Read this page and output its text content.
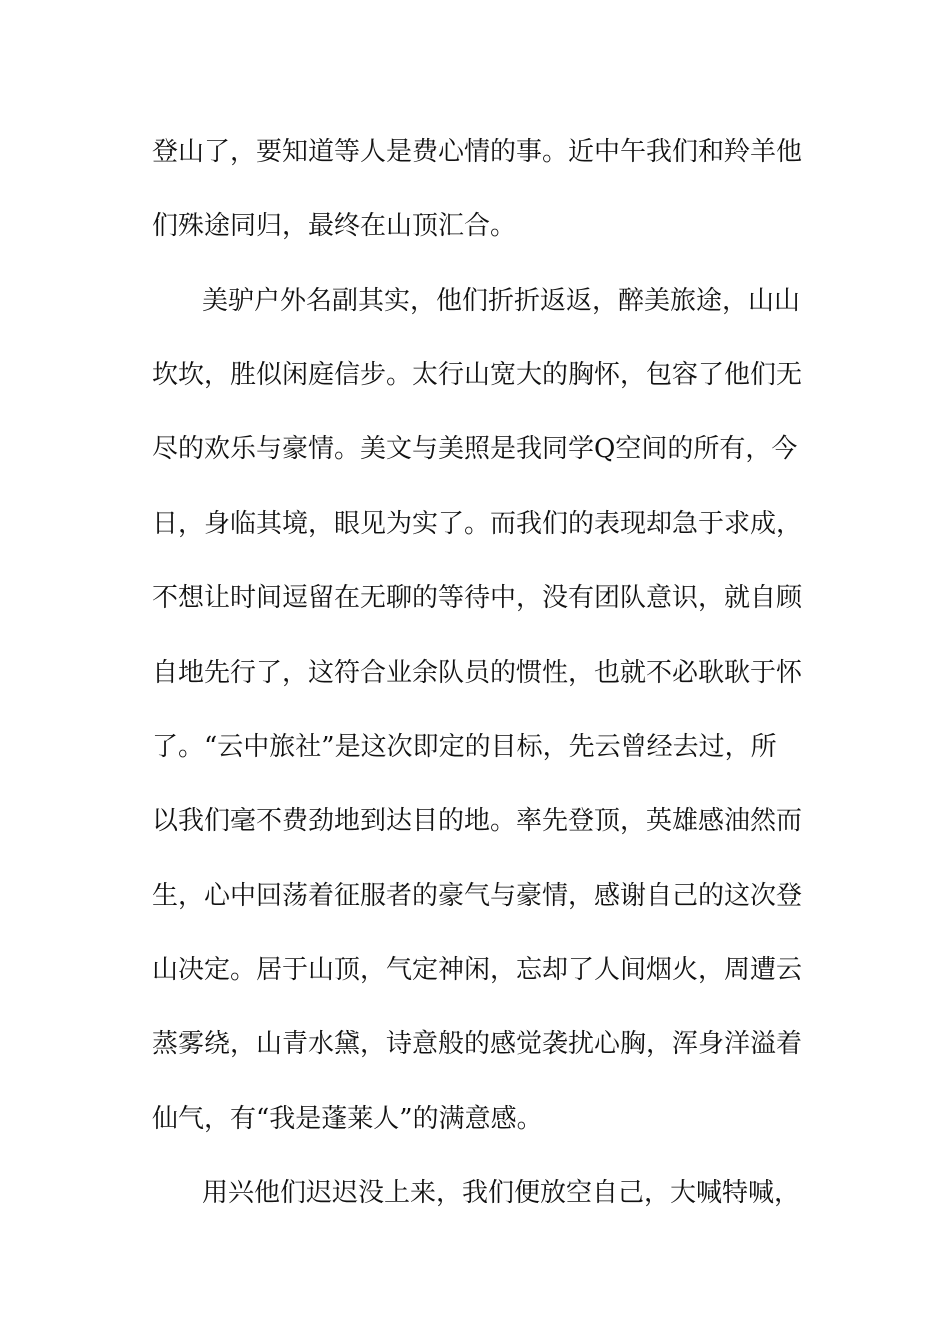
登山了，要知道等人是费心情的事。近中午我们和羚羊他
们殊途同归，最终在山顶汇合。
美驴户外名副其实，他们折折返返，醉美旅途，山山
坎坎，胜似闲庭信步。太行山宽大的胸怀，包容了他们无
尽的欢乐与豪情。美文与美照是我同学Q空间的所有，今
日，身临其境，眼见为实了。而我们的表现却急于求成，
不想让时间逗留在无聊的等待中，没有团队意识，就自顾
自地先行了，这符合业余队员的惯性，也就不必耿耿于怀
了。“云中旅社”是这次即定的目标，先云曾经去过，所
以我们毫不费劲地到达目的地。率先登顶，英雄感油然而
生，心中回荡着征服者的豪气与豪情，感谢自己的这次登
山决定。居于山顶，气定神闲，忘却了人间烟火，周遭云
蒸雾绕，山青水黛，诗意般的感觉袭扰心胸，浑身洋溢着
仙气，有“我是蓬莱人”的满意感。
用兴他们迟迟没上来，我们便放空自己，大喊特喊，
